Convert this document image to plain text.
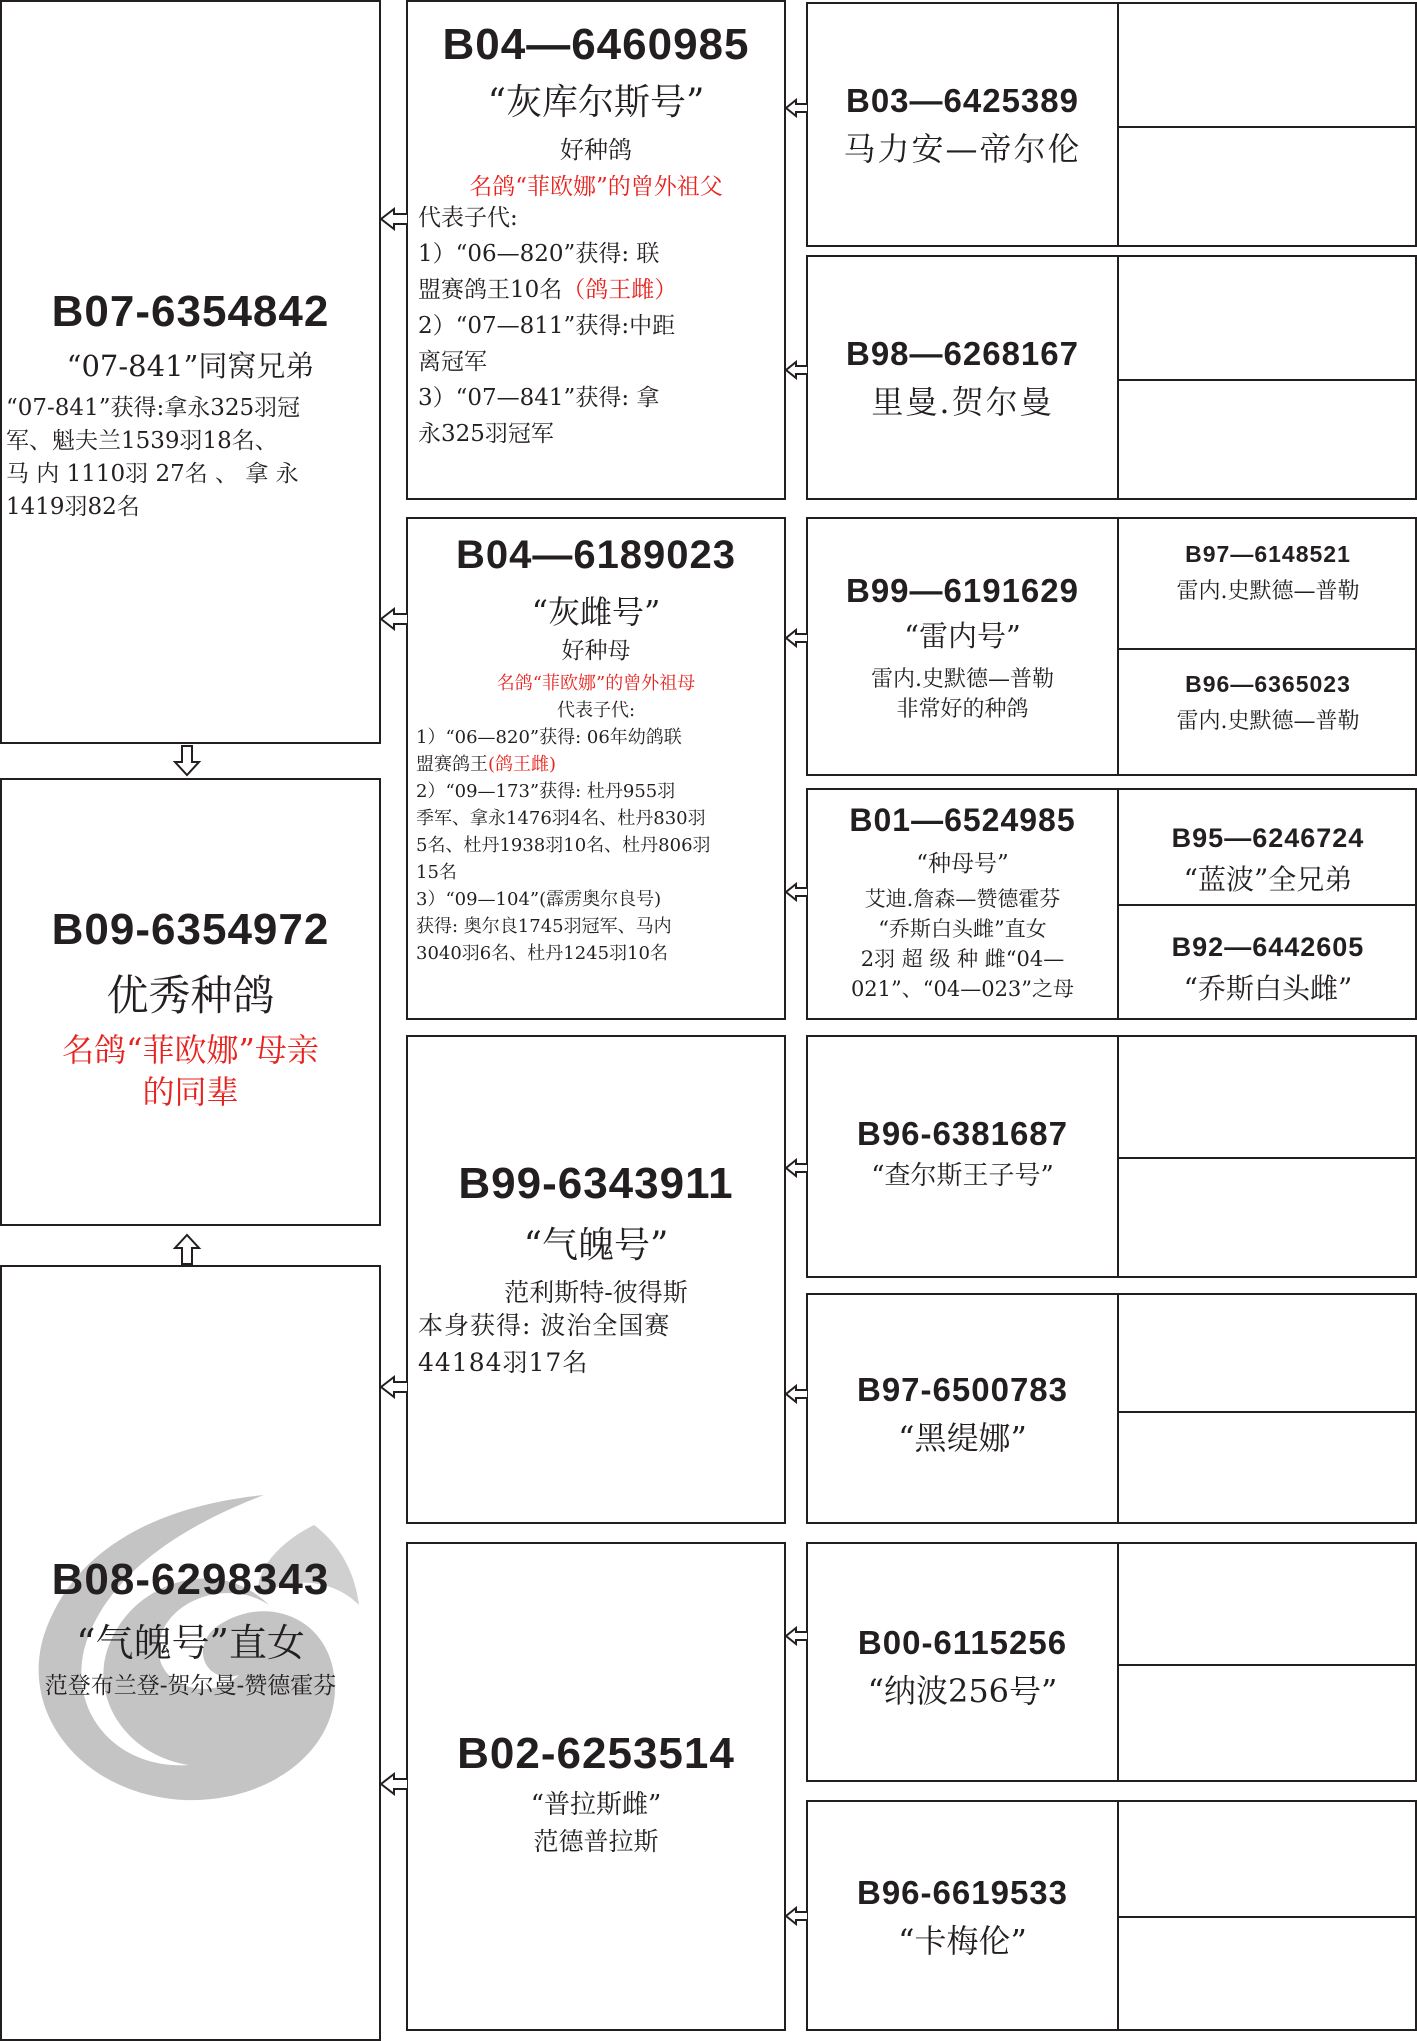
B07-6354842
“07-841”同窝兄弟
“07-841”获得:拿永325羽冠
军、魁夫兰1539羽18名、
马 内 1110羽 27名 、 拿 永
1419羽82名
B09-6354972
优秀种鸽
名鸽“菲欧娜”母亲
的同辈
B08-6298343
“气魄号”直女
范登布兰登-贺尔曼-赞德霍芬
B04—6460985
“灰库尔斯号”
好种鸽
名鸽“菲欧娜”的曾外祖父
代表子代:
1）“06—820”获得: 联
盟赛鸽王10名（鸽王雌）
2）“07—811”获得:中距
离冠军
3）“07—841”获得: 拿
永325羽冠军
B04—6189023
“灰雌号”
好种母
名鸽“菲欧娜”的曾外祖母
代表子代:
1）“06—820”获得: 06年幼鸽联
盟赛鸽王(鸽王雌)
2）“09—173”获得: 杜丹955羽
季军、拿永1476羽4名、杜丹830羽
5名、杜丹1938羽10名、杜丹806羽
15名
3）“09—104”(霹雳奥尔良号)
获得: 奥尔良1745羽冠军、马内
3040羽6名、杜丹1245羽10名
B99-6343911
“气魄号”
范利斯特-彼得斯
本身获得: 波治全国赛
44184羽17名
B02-6253514
“普拉斯雌”
范德普拉斯
B03—6425389
马力安—帝尔伦
B98—6268167
里曼.贺尔曼
B99—6191629
“雷内号”
雷内.史默德—普勒
非常好的种鸽
B97—6148521
雷内.史默德—普勒
B96—6365023
雷内.史默德—普勒
B01—6524985
“种母号”
艾迪.詹森—赞德霍芬
“乔斯白头雌”直女
2羽 超 级 种 雌“04—
021”、“04—023”之母
B95—6246724
“蓝波”全兄弟
B92—6442605
“乔斯白头雌”
B96-6381687
“查尔斯王子号”
B97-6500783
“黑缇娜”
B00-6115256
“纳波256号”
B96-6619533
“卡梅伦”
